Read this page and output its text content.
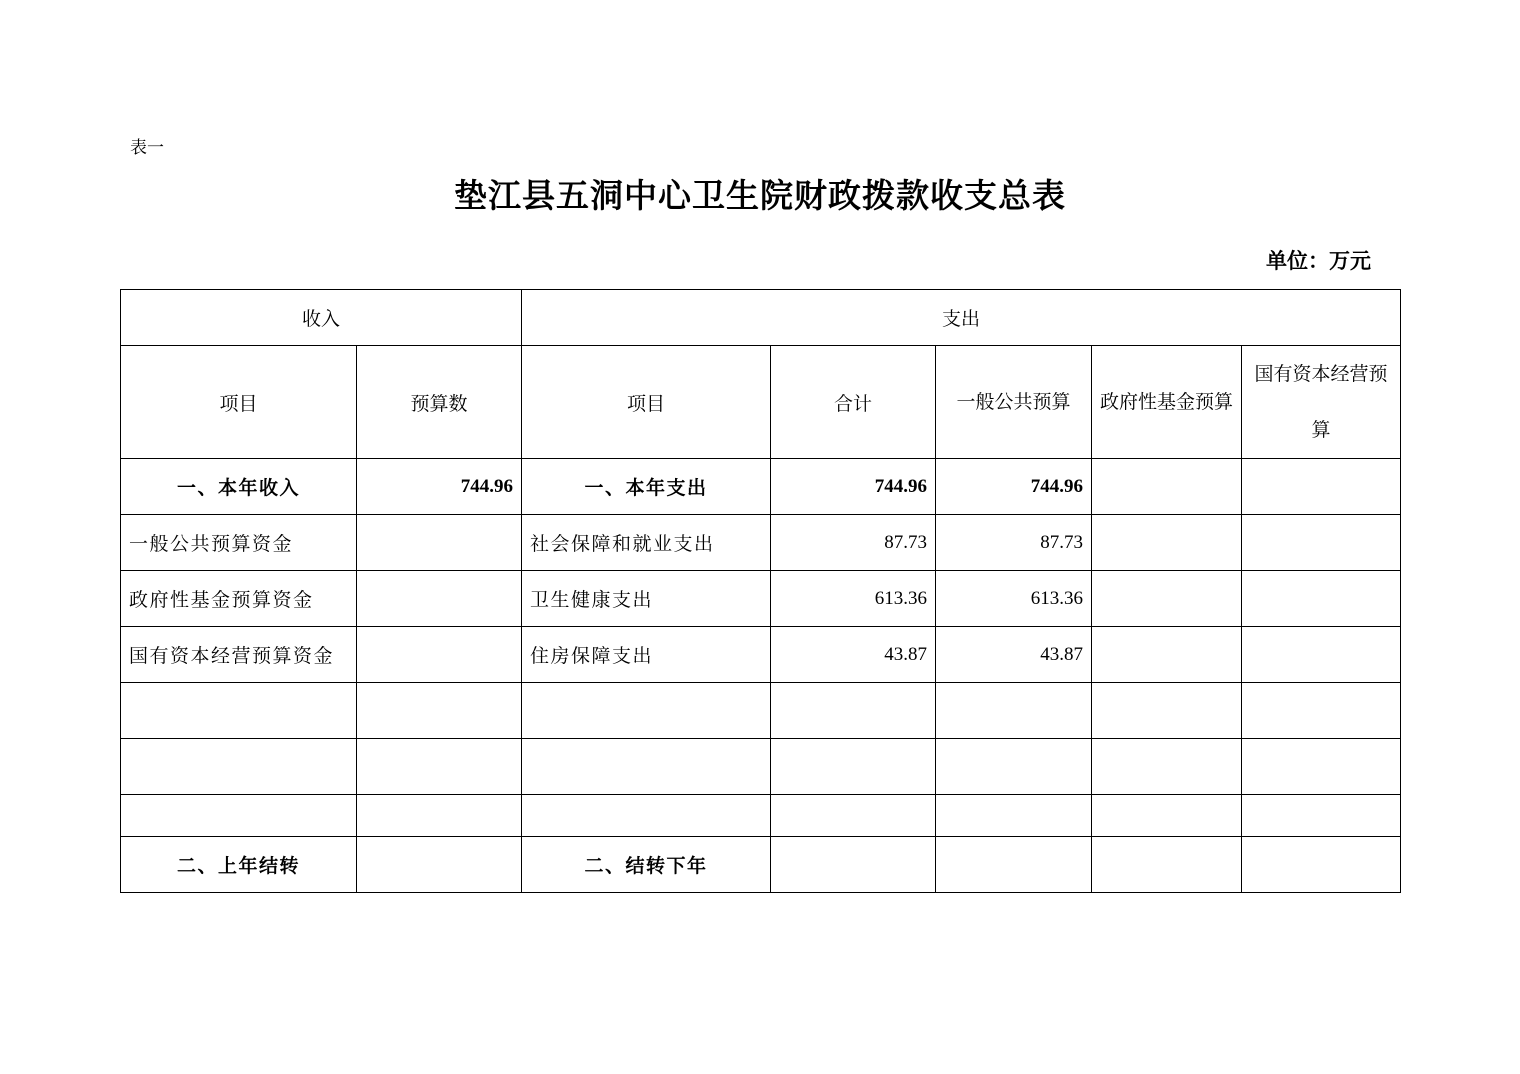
表一
垫江县五洞中心卫生院财政拨款收支总表
单位：万元
收入		支出				
项目	预算数	项目	合计	一般公共预算	政府性基金预算	国有资本经营预算
一、本年收入	744.96	一、本年支出	744.96	744.96		
一般公共预算资金		社会保障和就业支出	87.73	87.73		
政府性基金预算资金		卫生健康支出	613.36	613.36		
国有资本经营预算资金		住房保障支出	43.87	43.87		

二、上年结转		二、结转下年				
